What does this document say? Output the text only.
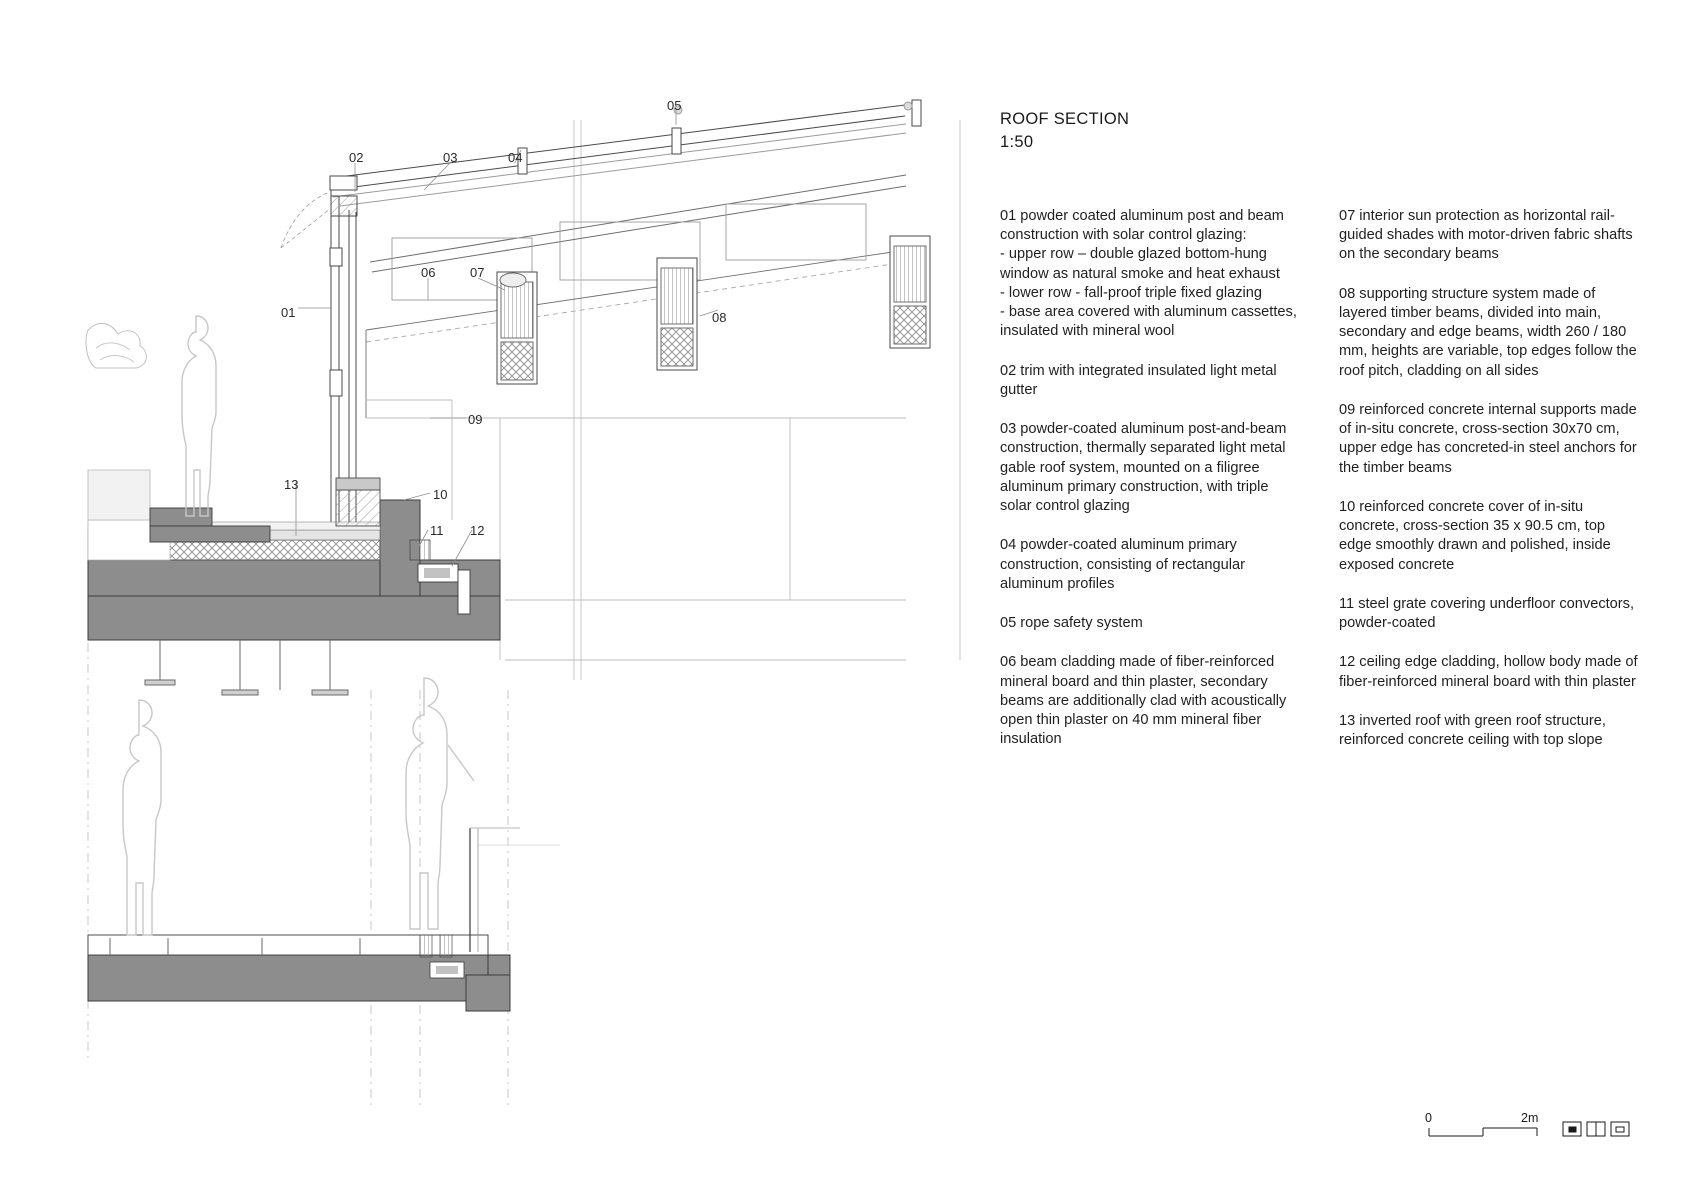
05
02	03	04
06	07
08
01
09
13
10
11 12
ROOF SECTION
1:50
01 powder coated aluminum post and beam construction with solar control glazing:
- upper row – double glazed bottom-hung window as natural smoke and heat exhaust
- lower row - fall-proof triple fixed glazing
- base area covered with aluminum cassettes, insulated with mineral wool
02 trim with integrated insulated light metal gutter
03 powder-coated aluminum post-and-beam construction, thermally separated light metal gable roof system, mounted on a filigree aluminum primary construction, with triple solar control glazing
04 powder-coated aluminum primary construction, consisting of rectangular aluminum profiles
05 rope safety system
06 beam cladding made of fiber-reinforced mineral board and thin plaster, secondary beams are additionally clad with acoustically open thin plaster on 40 mm mineral fiber insulation
07 interior sun protection as horizontal rail-guided shades with motor-driven fabric shafts on the secondary beams
08 supporting structure system made of layered timber beams, divided into main, secondary and edge beams, width 260 / 180 mm, heights are variable, top edges follow the roof pitch, cladding on all sides
09 reinforced concrete internal supports made of in-situ concrete, cross-section 30x70 cm, upper edge has concreted-in steel anchors for the timber beams
10 reinforced concrete cover of in-situ concrete, cross-section 35 x 90.5 cm, top edge smoothly drawn and polished, inside exposed concrete
11 steel grate covering underfloor convectors, powder-coated
12 ceiling edge cladding, hollow body made of fiber-reinforced mineral board with thin plaster
13 inverted roof with green roof structure, reinforced concrete ceiling with top slope
0	2m
